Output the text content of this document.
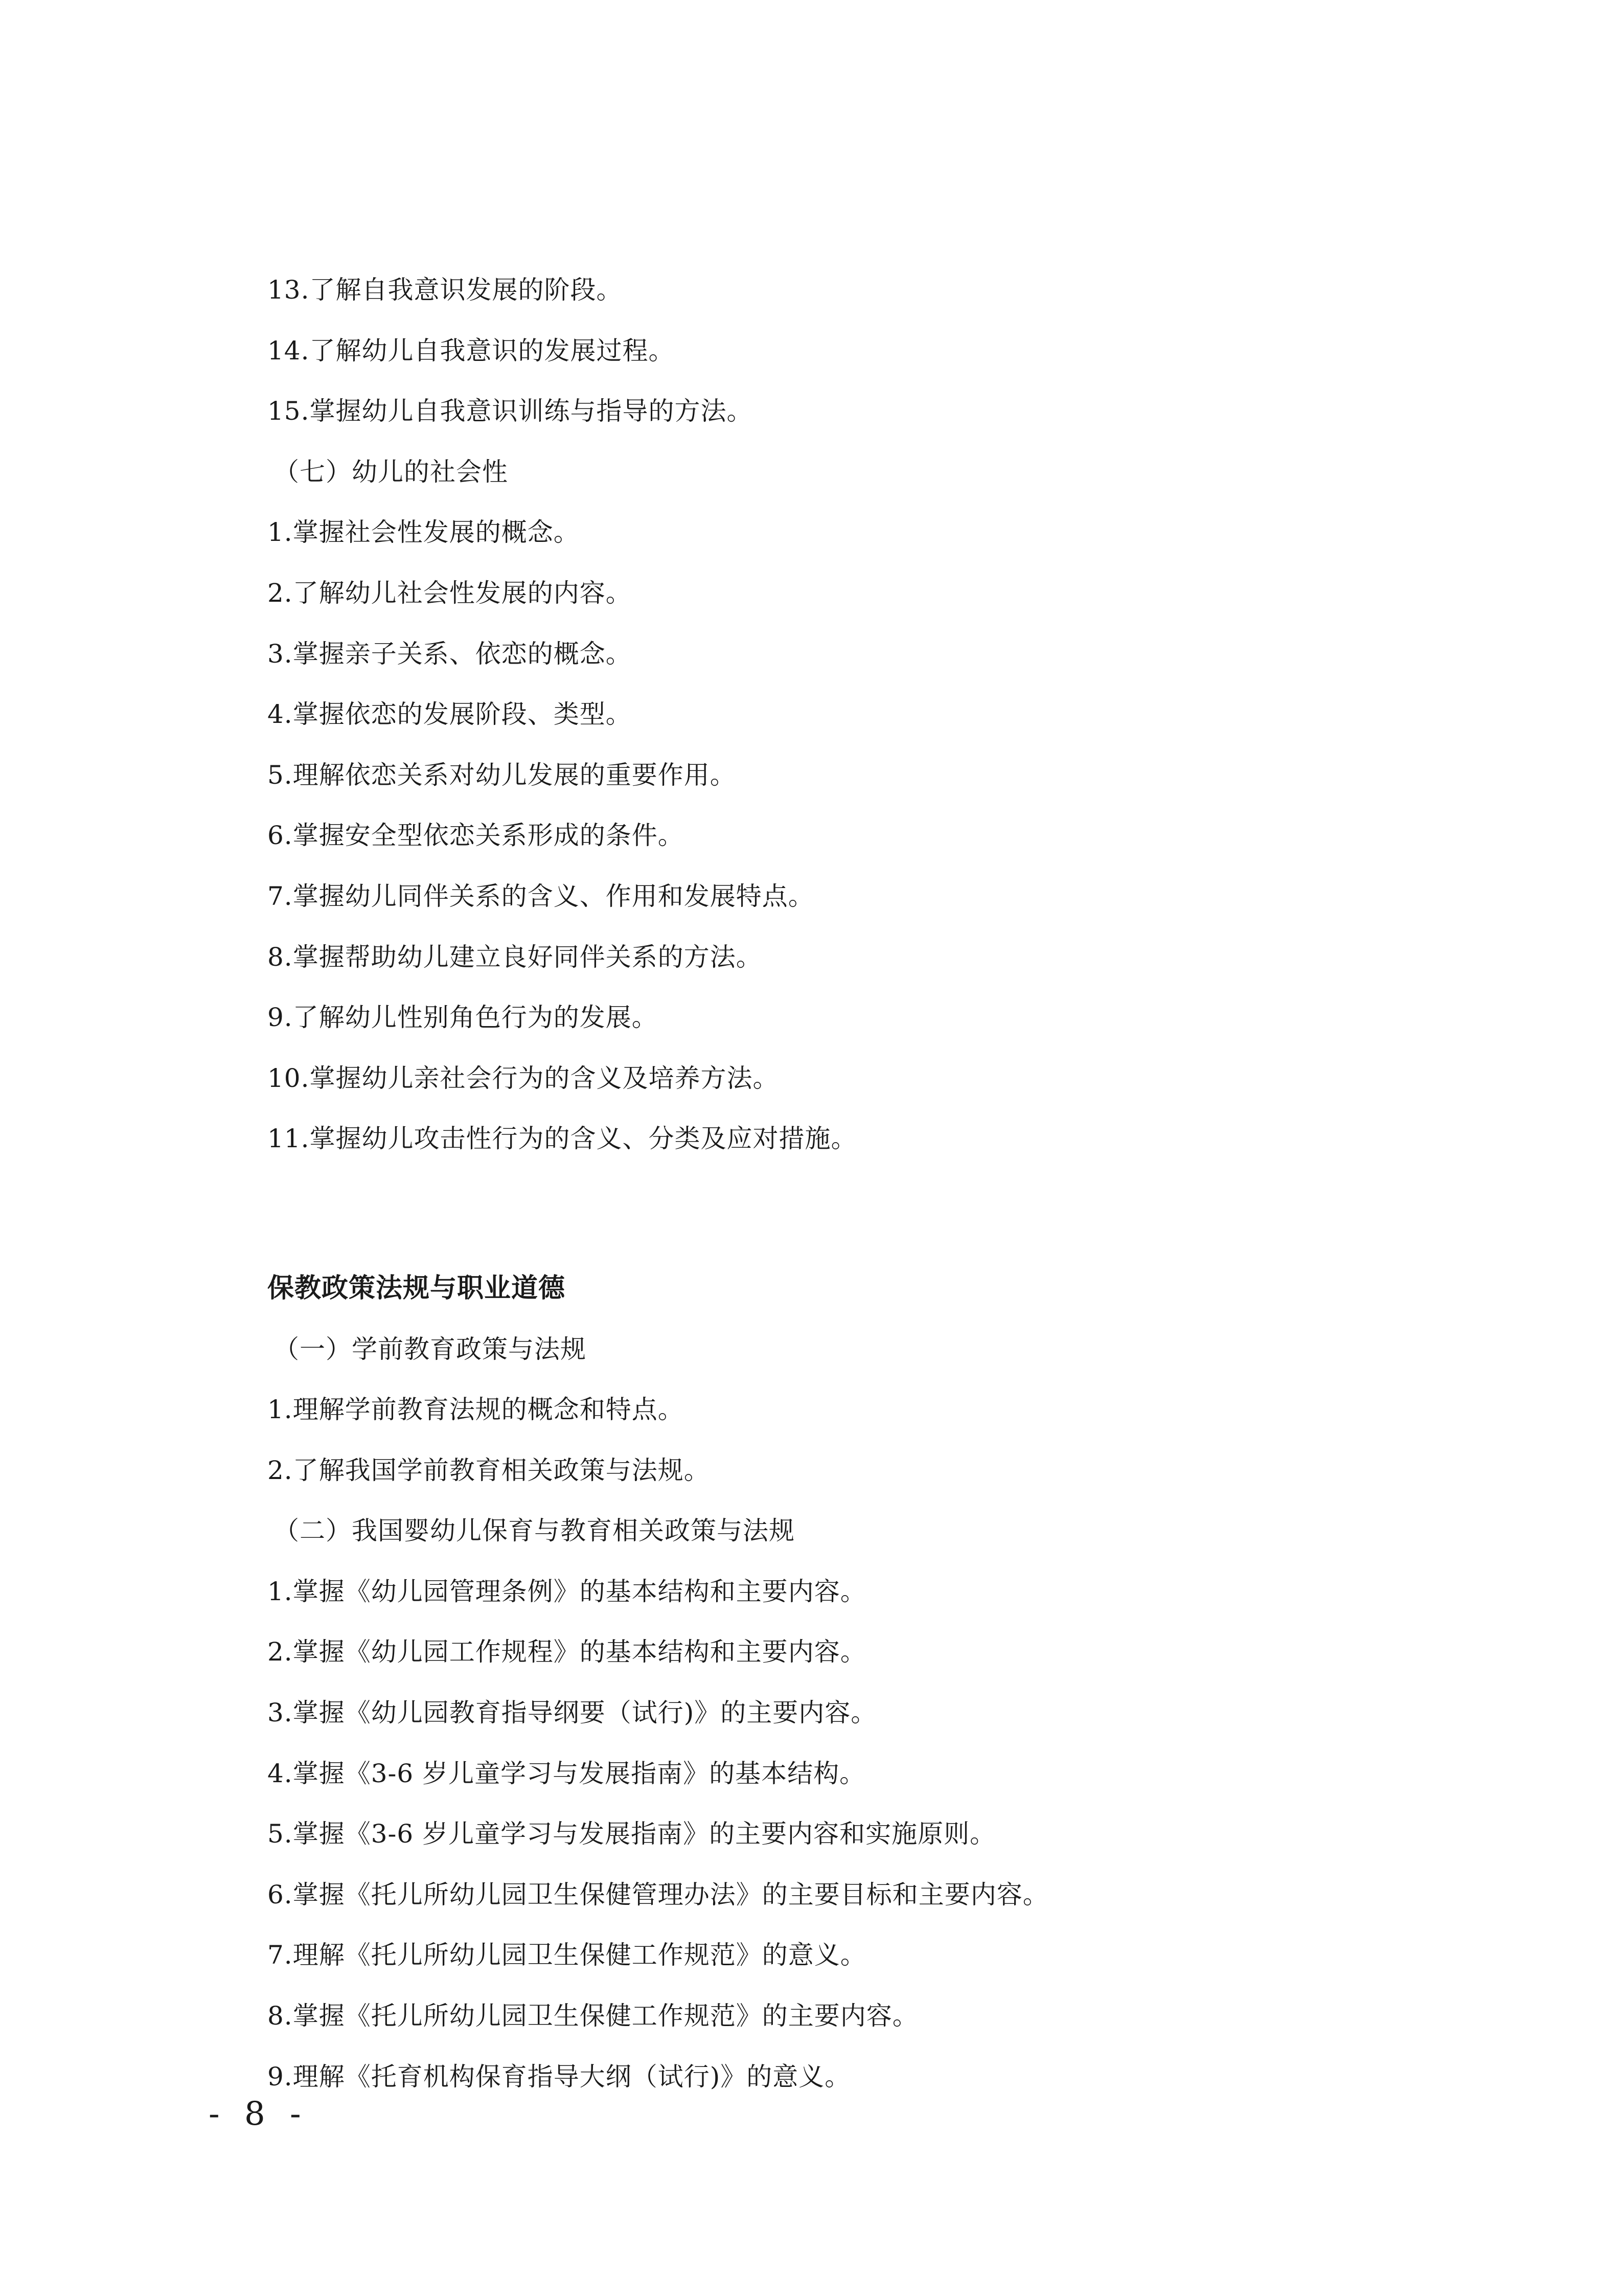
13.了解自我意识发展的阶段。
14.了解幼儿自我意识的发展过程。
15.掌握幼儿自我意识训练与指导的方法。
（七）幼儿的社会性
1.掌握社会性发展的概念。
2.了解幼儿社会性发展的内容。
3.掌握亲子关系、依恋的概念。
4.掌握依恋的发展阶段、类型。
5.理解依恋关系对幼儿发展的重要作用。
6.掌握安全型依恋关系形成的条件。
7.掌握幼儿同伴关系的含义、作用和发展特点。
8.掌握帮助幼儿建立良好同伴关系的方法。
9.了解幼儿性别角色行为的发展。
10.掌握幼儿亲社会行为的含义及培养方法。
11.掌握幼儿攻击性行为的含义、分类及应对措施。
保教政策法规与职业道德
（一）学前教育政策与法规
1.理解学前教育法规的概念和特点。
2.了解我国学前教育相关政策与法规。
（二）我国婴幼儿保育与教育相关政策与法规
1.掌握《幼儿园管理条例》的基本结构和主要内容。
2.掌握《幼儿园工作规程》的基本结构和主要内容。
3.掌握《幼儿园教育指导纲要（试行)》的主要内容。
4.掌握《3-6 岁儿童学习与发展指南》的基本结构。
5.掌握《3-6 岁儿童学习与发展指南》的主要内容和实施原则。
6.掌握《托儿所幼儿园卫生保健管理办法》的主要目标和主要内容。
7.理解《托儿所幼儿园卫生保健工作规范》的意义。
8.掌握《托儿所幼儿园卫生保健工作规范》的主要内容。
9.理解《托育机构保育指导大纲（试行)》的意义。
- 8 -
